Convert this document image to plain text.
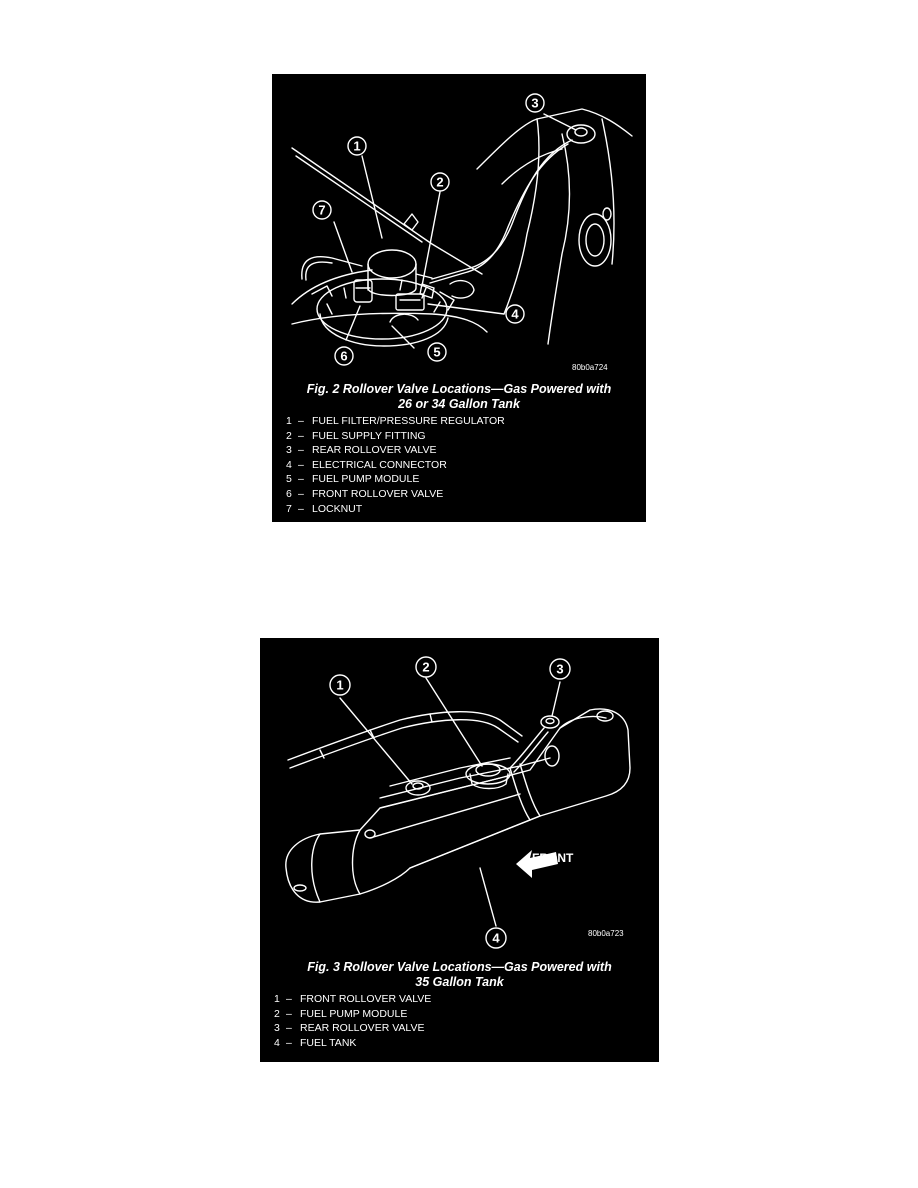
1
2
3
4
5
6
7
80b0a724
Fig. 2 Rollover Valve Locations—Gas Powered with
26 or 34 Gallon Tank
1 – FUEL FILTER/PRESSURE REGULATOR
2 – FUEL SUPPLY FITTING
3 – REAR ROLLOVER VALVE
4 – ELECTRICAL CONNECTOR
5 – FUEL PUMP MODULE
6 – FRONT ROLLOVER VALVE
7 – LOCKNUT
1
2	3
4
FRONT
80b0a723
Fig. 3 Rollover Valve Locations—Gas Powered with
35 Gallon Tank
1 – FRONT ROLLOVER VALVE
2 – FUEL PUMP MODULE
3 – REAR ROLLOVER VALVE
4 – FUEL TANK
